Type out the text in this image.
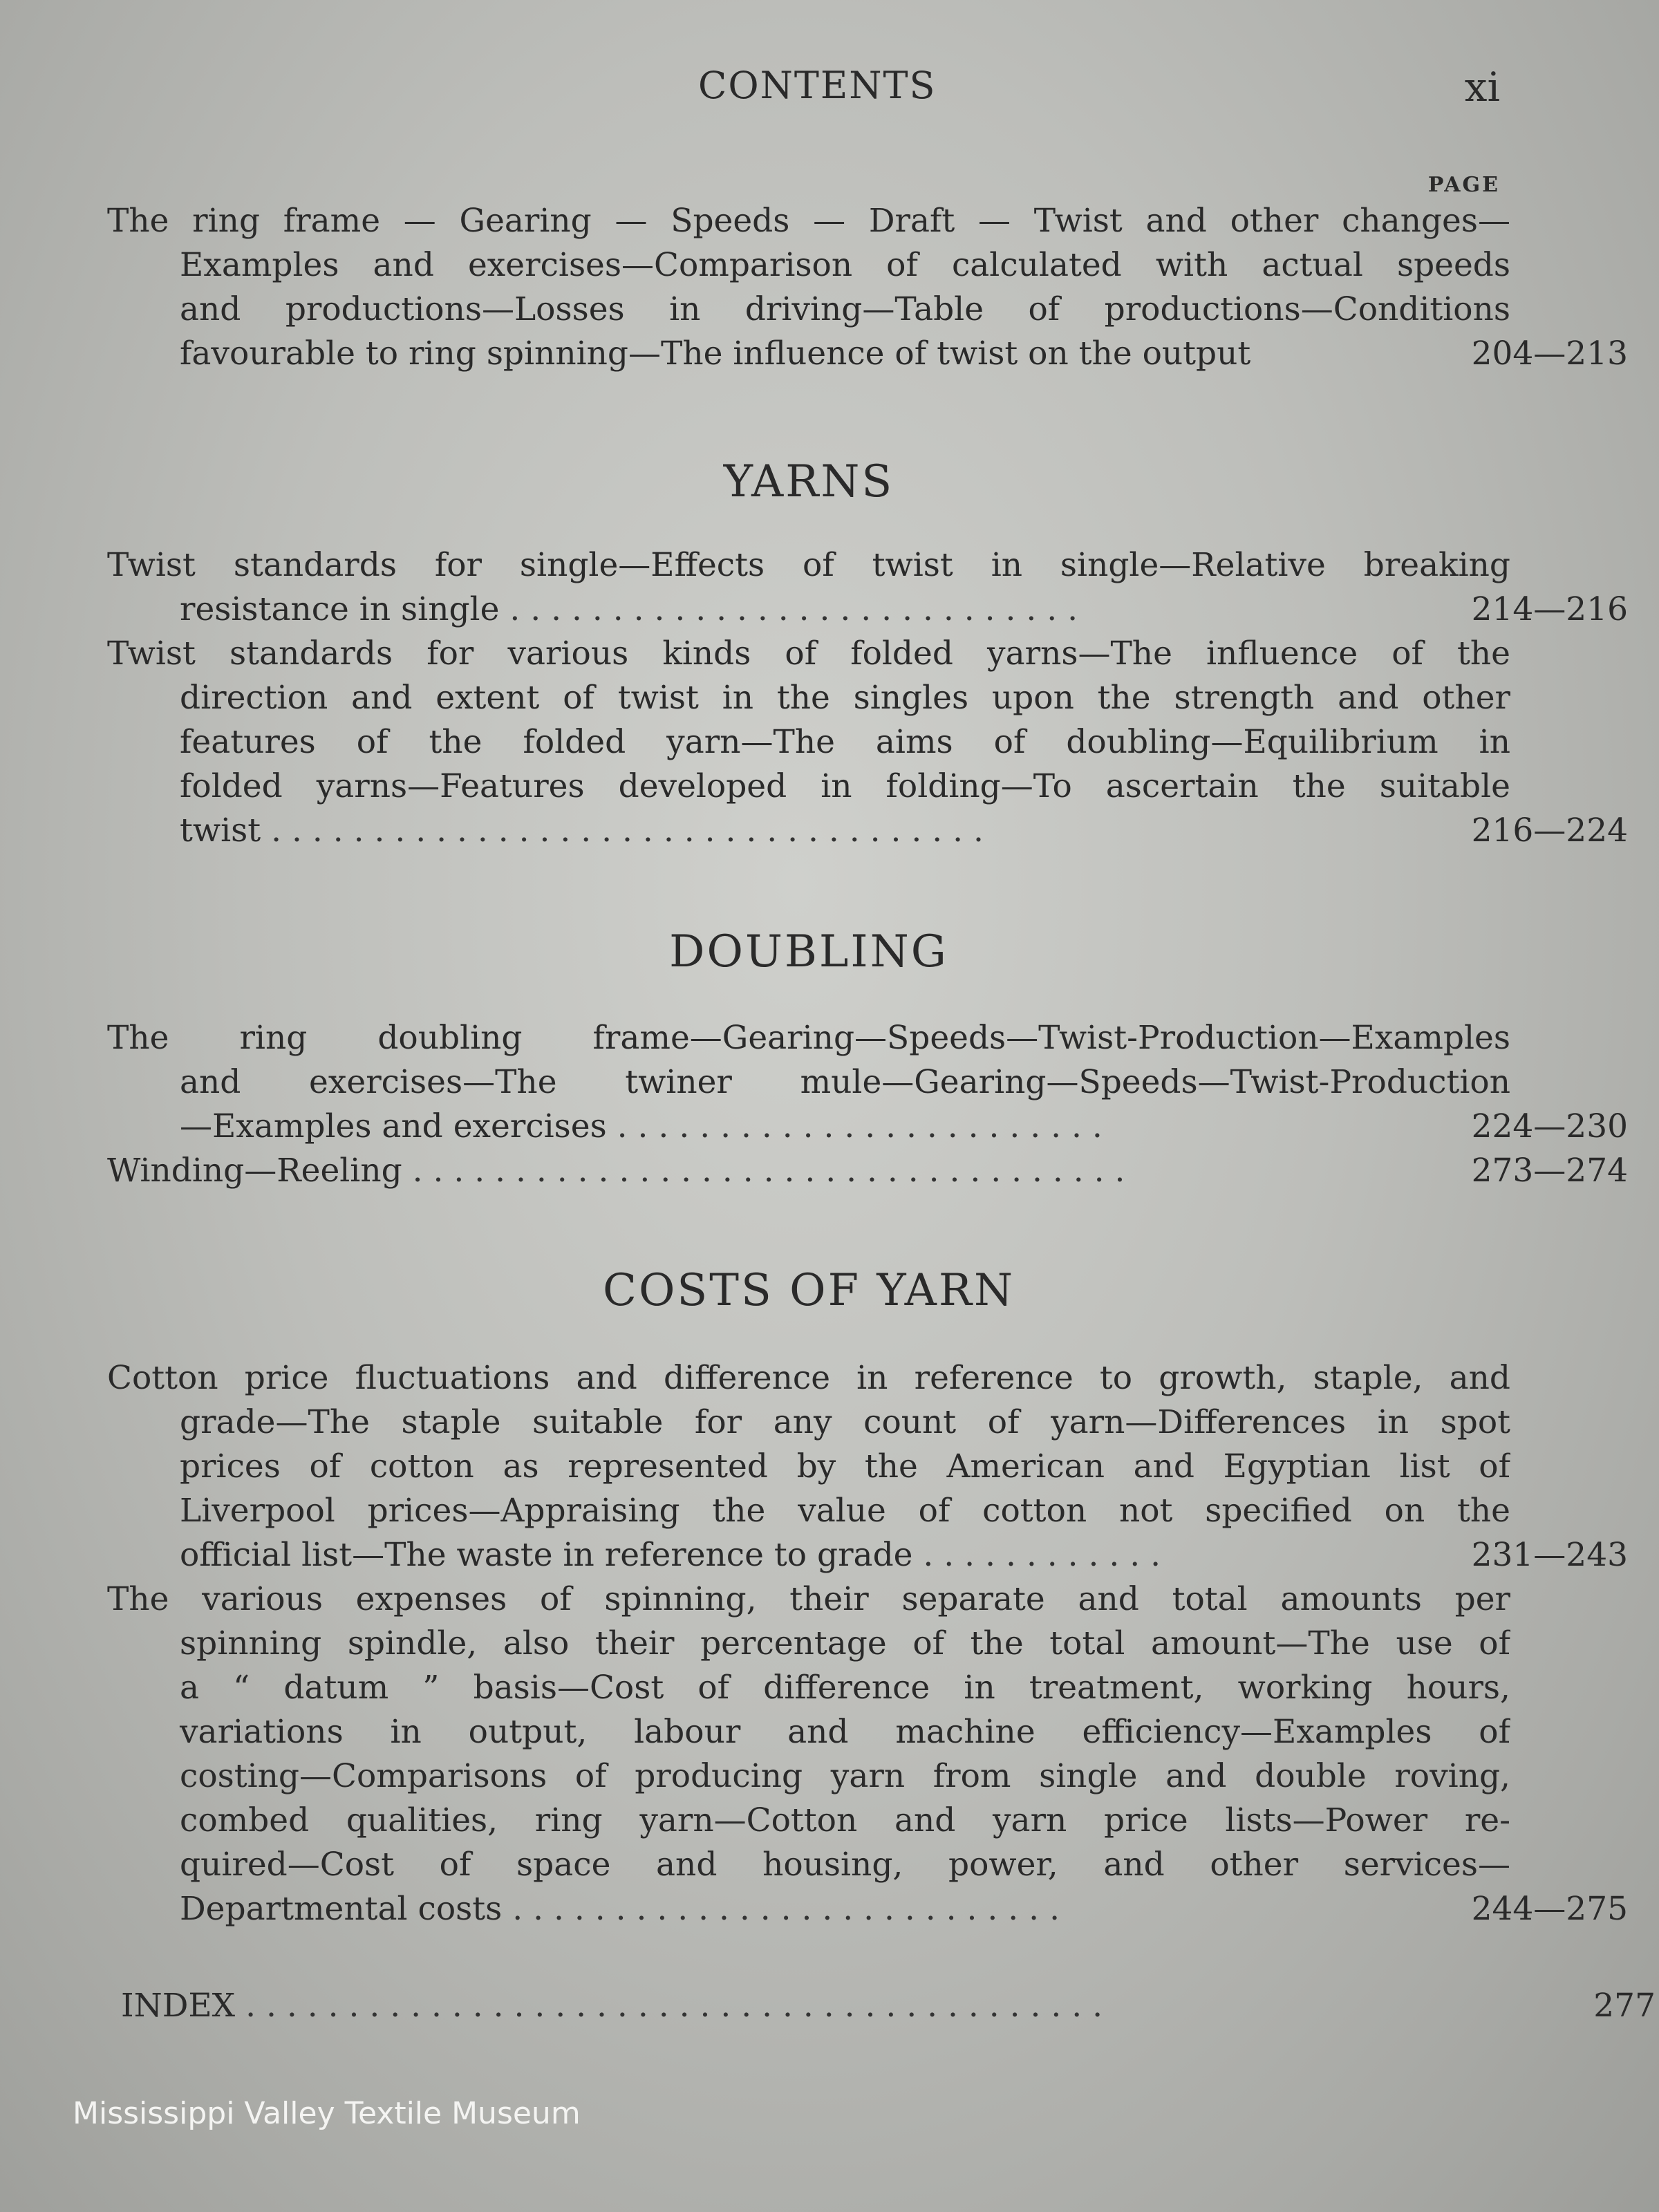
CONTENTS	xi
PAGE
The ring frame — Gearing — Speeds — Draft — Twist and other changes—
Examples and exercises—Comparison of calculated with actual speeds
and productions—Losses in driving—Table of productions—Conditions
favourable to ring spinning—The influence of twist on the output	204—213
YARNS
Twist standards for single—Effects of twist in single—Relative breaking
resistance in single . . . . . . . . . . . . . . . . . . . . . . . . . . . .	214—216
Twist standards for various kinds of folded yarns—The influence of the
direction and extent of twist in the singles upon the strength and other
features of the folded yarn—The aims of doubling—Equilibrium in
folded yarns—Features developed in folding—To ascertain the suitable
twist . . . . . . . . . . . . . . . . . . . . . . . . . . . . . . . . . . .	216—224
DOUBLING
The ring doubling frame—Gearing—Speeds—Twist-Production—Examples
and exercises—The twiner mule—Gearing—Speeds—Twist-Production
—Examples and exercises . . . . . . . . . . . . . . . . . . . . . . . .	224—230
Winding—Reeling . . . . . . . . . . . . . . . . . . . . . . . . . . . . . . . . . . .	273—274
COSTS OF YARN
Cotton price fluctuations and difference in reference to growth, staple, and
grade—The staple suitable for any count of yarn—Differences in spot
prices of cotton as represented by the American and Egyptian list of
Liverpool prices—Appraising the value of cotton not specified on the
official list—The waste in reference to grade . . . . . . . . . . . .	231—243
The various expenses of spinning, their separate and total amounts per
spinning spindle, also their percentage of the total amount—The use of
a “ datum ” basis—Cost of difference in treatment, working hours,
variations in output, labour and machine efficiency—Examples of
costing—Comparisons of producing yarn from single and double roving,
combed qualities, ring yarn—Cotton and yarn price lists—Power re-
quired—Cost of space and housing, power, and other services—
Departmental costs . . . . . . . . . . . . . . . . . . . . . . . . . . .	244—275
INDEX . . . . . . . . . . . . . . . . . . . . . . . . . . . . . . . . . . . . . . . . . .	277
Mississippi Valley Textile Museum
